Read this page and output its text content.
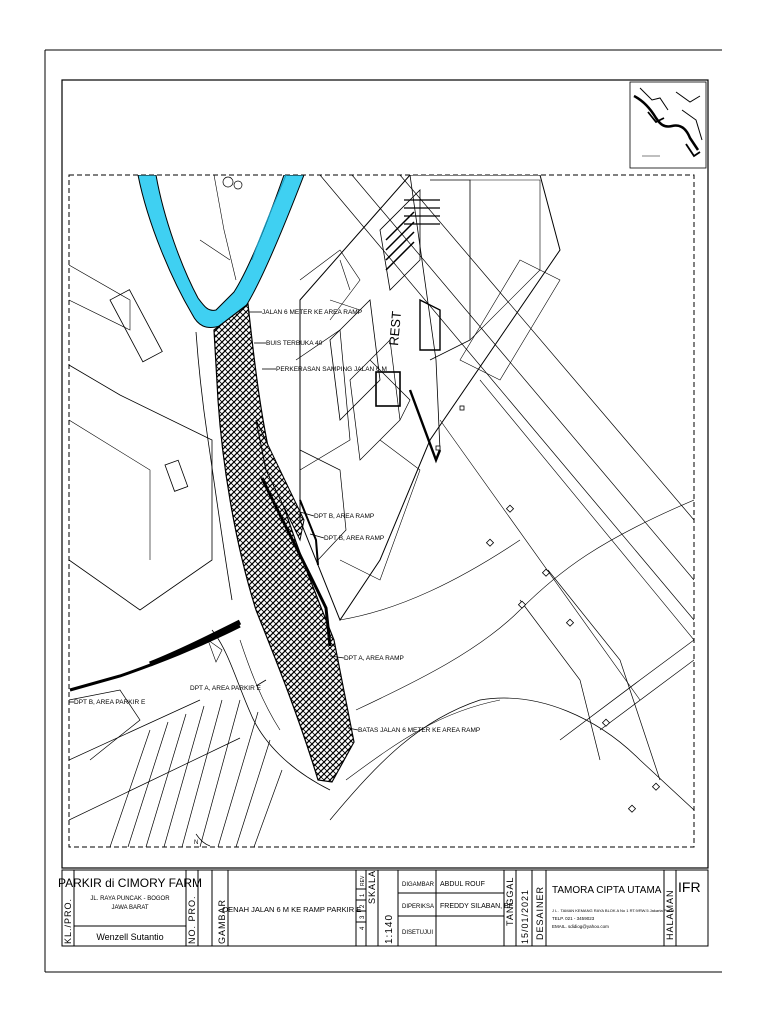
JALAN 6 METER KE AREA RAMP
BUIS TERBUKA 40
PERKERASAN SAMPING JALAN 6 M
DPT B, AREA RAMP
DPT B, AREA RAMP
DPT A, AREA RAMP
DPT A, AREA PARKIR E
DPT B, AREA PARKIR E
BATAS JALAN 6 METER KE AREA RAMP
REST
N
KL./PRO.
PARKIR di CIMORY FARM
JL. RAYA PUNCAK - BOGOR
JAWA BARAT
Wenzell Sutantio	NO. PRO. GAMBAR
DENAH JALAN 6 M KE RAMP PARKIR E
REV
1
2
3
4
SKALA
1:140
DIGAMBAR ABDUL ROUF
DIPERIKSA FREDDY SILABAN, BE
DISETUJUI
TANGGAL 15/01/2021 DESAINER TAMORA CIPTA UTAMA
J L . TAMAN KEMANG RAYA BLOK A No 1 RT.9/RW.5 Jakarta Pusat
TELP. 021 - 3459023
EMAIL. sdidiog@yahoo.com	HALAMAN
IFR
